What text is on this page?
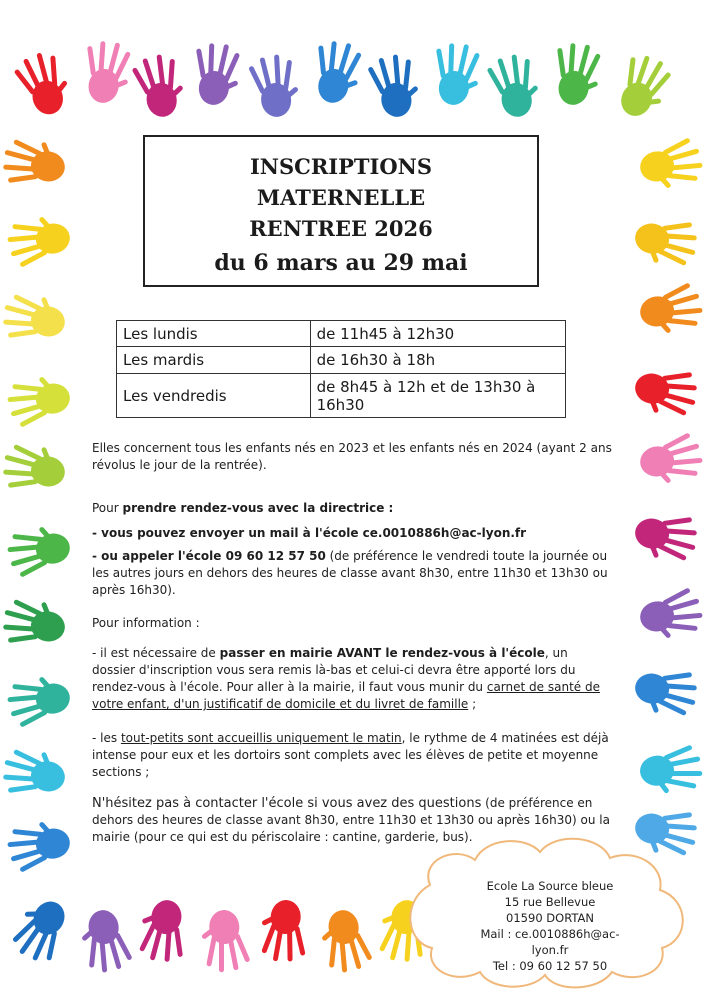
INSCRIPTIONS
MATERNELLE
RENTREE 2026
du 6 mars au 29 mai
Les lundis	de 11h45 à 12h30
Les mardis	de 16h30 à 18h
Les vendredis	de 8h45 à 12h et de 13h30 à 16h30
Elles concernent tous les enfants nés en 2023 et les enfants nés en 2024 (ayant 2 ans révolus le jour de la rentrée).
Pour prendre rendez-vous avec la directrice :
- vous pouvez envoyer un mail à l'école ce.0010886h@ac-lyon.fr
- ou appeler l'école 09 60 12 57 50 (de préférence le vendredi toute la journée ou les autres jours en dehors des heures de classe avant 8h30, entre 11h30 et 13h30 ou après 16h30).
Pour information :
- il est nécessaire de passer en mairie AVANT le rendez-vous à l'école, un dossier d'inscription vous sera remis là-bas et celui-ci devra être apporté lors du rendez-vous à l'école. Pour aller à la mairie, il faut vous munir du carnet de santé de votre enfant, d'un justificatif de domicile et du livret de famille ;
- les tout-petits sont accueillis uniquement le matin, le rythme de 4 matinées est déjà intense pour eux et les dortoirs sont complets avec les élèves de petite et moyenne sections ;
N'hésitez pas à contacter l'école si vous avez des questions (de préférence en dehors des heures de classe avant 8h30, entre 11h30 et 13h30 ou après 16h30) ou la mairie (pour ce qui est du périscolaire : cantine, garderie, bus).
Ecole La Source bleue
15 rue Bellevue
01590 DORTAN
Mail : ce.0010886h@ac-lyon.fr
Tel : 09 60 12 57 50
